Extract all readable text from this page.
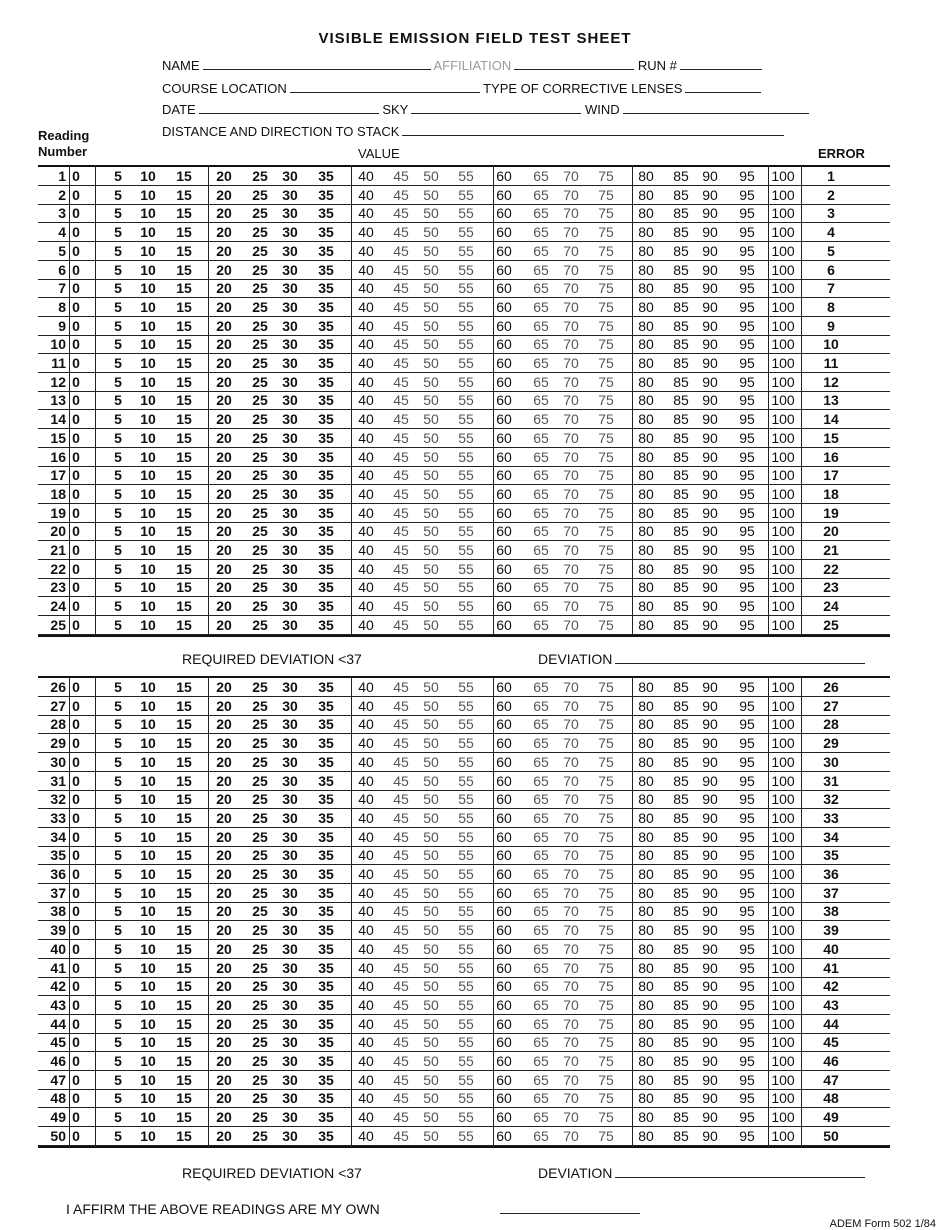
VISIBLE EMISSION FIELD TEST SHEET
NAME	AFFILIATION	RUN #
COURSE LOCATION	TYPE OF CORRECTIVE LENSES
DATE	SKY	WIND
DISTANCE AND DIRECTION TO STACK
Reading
Number	VALUE	ERROR
1 0	5	10	15	20	25	30	35	40	45	50	55	60	65	70	75	80	85 90	95	100	1
2 0	5	10	15	20	25	30	35	40	45	50	55	60	65	70	75	80	85 90	95	100	2
3 0	5	10	15	20	25	30	35	40	45	50	55	60	65	70	75	80	85 90	95	100	3
4 0	5	10	15	20	25	30	35	40	45	50	55	60	65	70	75	80	85 90	95	100	4
5 0	5	10	15	20	25	30	35	40	45	50	55	60	65	70	75	80	85 90	95	100	5
6 0	5	10	15	20	25	30	35	40	45	50	55	60	65	70	75	80	85 90	95	100	6
7 0	5	10	15	20	25	30	35	40	45	50	55	60	65	70	75	80	85 90	95	100	7
8 0	5	10	15	20	25	30	35	40	45	50	55	60	65	70	75	80	85 90	95	100	8
9 0	5	10	15	20	25	30	35	40	45	50	55	60	65	70	75	80	85 90	95	100	9
10 0	5	10	15	20	25	30	35	40	45	50	55	60	65	70	75	80	85 90	95	100	10
11 0	5	10	15	20	25	30	35	40	45	50	55	60	65	70	75	80	85 90	95	100	11
12 0	5	10	15	20	25	30	35	40	45	50	55	60	65	70	75	80	85 90	95	100	12
13 0	5	10	15	20	25	30	35	40	45	50	55	60	65	70	75	80	85 90	95	100	13
14 0	5	10	15	20	25	30	35	40	45	50	55	60	65	70	75	80	85 90	95	100	14
15 0	5	10	15	20	25	30	35	40	45	50	55	60	65	70	75	80	85 90	95	100	15
16 0	5	10	15	20	25	30	35	40	45	50	55	60	65	70	75	80	85 90	95	100	16
17 0	5	10	15	20	25	30	35	40	45	50	55	60	65	70	75	80	85 90	95	100	17
18 0	5	10	15	20	25	30	35	40	45	50	55	60	65	70	75	80	85 90	95	100	18
19 0	5	10	15	20	25	30	35	40	45	50	55	60	65	70	75	80	85 90	95	100	19
20 0	5	10	15	20	25	30	35	40	45	50	55	60	65	70	75	80	85 90	95	100	20
21 0	5	10	15	20	25	30	35	40	45	50	55	60	65	70	75	80	85 90	95	100	21
22 0	5	10	15	20	25	30	35	40	45	50	55	60	65	70	75	80	85 90	95	100	22
23 0	5	10	15	20	25	30	35	40	45	50	55	60	65	70	75	80	85 90	95	100	23
24 0	5	10	15	20	25	30	35	40	45	50	55	60	65	70	75	80	85 90	95	100	24
25 0	5	10	15	20	25	30	35	40	45	50	55	60	65	70	75	80	85 90	95	100	25
REQUIRED DEVIATION <37	DEVIATION
26 0	5	10	15	20	25	30	35	40	45	50	55	60	65	70	75	80	85 90	95	100	26
27 0	5	10	15	20	25	30	35	40	45	50	55	60	65	70	75	80	85 90	95	100	27
28 0	5	10	15	20	25	30	35	40	45	50	55	60	65	70	75	80	85 90	95	100	28
29 0	5	10	15	20	25	30	35	40	45	50	55	60	65	70	75	80	85 90	95	100	29
30 0	5	10	15	20	25	30	35	40	45	50	55	60	65	70	75	80	85 90	95	100	30
31 0	5	10	15	20	25	30	35	40	45	50	55	60	65	70	75	80	85 90	95	100	31
32 0	5	10	15	20	25	30	35	40	45	50	55	60	65	70	75	80	85 90	95	100	32
33 0	5	10	15	20	25	30	35	40	45	50	55	60	65	70	75	80	85 90	95	100	33
34 0	5	10	15	20	25	30	35	40	45	50	55	60	65	70	75	80	85 90	95	100	34
35 0	5	10	15	20	25	30	35	40	45	50	55	60	65	70	75	80	85 90	95	100	35
36 0	5	10	15	20	25	30	35	40	45	50	55	60	65	70	75	80	85 90	95	100	36
37 0	5	10	15	20	25	30	35	40	45	50	55	60	65	70	75	80	85 90	95	100	37
38 0	5	10	15	20	25	30	35	40	45	50	55	60	65	70	75	80	85 90	95	100	38
39 0	5	10	15	20	25	30	35	40	45	50	55	60	65	70	75	80	85 90	95	100	39
40 0	5	10	15	20	25	30	35	40	45	50	55	60	65	70	75	80	85 90	95	100	40
41 0	5	10	15	20	25	30	35	40	45	50	55	60	65	70	75	80	85 90	95	100	41
42 0	5	10	15	20	25	30	35	40	45	50	55	60	65	70	75	80	85 90	95	100	42
43 0	5	10	15	20	25	30	35	40	45	50	55	60	65	70	75	80	85 90	95	100	43
44 0	5	10	15	20	25	30	35	40	45	50	55	60	65	70	75	80	85 90	95	100	44
45 0	5	10	15	20	25	30	35	40	45	50	55	60	65	70	75	80	85 90	95	100	45
46 0	5	10	15	20	25	30	35	40	45	50	55	60	65	70	75	80	85 90	95	100	46
47 0	5	10	15	20	25	30	35	40	45	50	55	60	65	70	75	80	85 90	95	100	47
48 0	5	10	15	20	25	30	35	40	45	50	55	60	65	70	75	80	85 90	95	100	48
49 0	5	10	15	20	25	30	35	40	45	50	55	60	65	70	75	80	85 90	95	100	49
50 0	5	10	15	20	25	30	35	40	45	50	55	60	65	70	75	80	85 90	95	100	50
REQUIRED DEVIATION <37	DEVIATION
I AFFIRM THE ABOVE READINGS ARE MY OWN
ADEM Form 502 1/84
